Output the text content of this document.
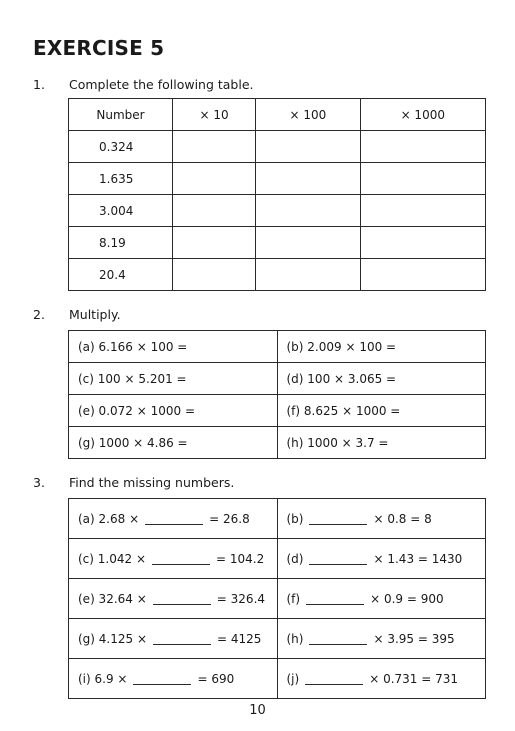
EXERCISE 5
1. Complete the following table.
Number	× 10	× 100	× 1000
0.324			
1.635			
3.004			
8.19			
20.4			
2. Multiply.
(a) 6.166 × 100 =	(b) 2.009 × 100 =
(c) 100 × 5.201 =	(d) 100 × 3.065 =
(e) 0.072 × 1000 =	(f) 8.625 × 1000 =
(g) 1000 × 4.86 =	(h) 1000 × 3.7 =
3. Find the missing numbers.
(a) 2.68 × = 26.8	(b) × 0.8 = 8
(c) 1.042 × = 104.2	(d) × 1.43 = 1430
(e) 32.64 × = 326.4	(f) × 0.9 = 900
(g) 4.125 × = 4125	(h) × 3.95 = 395
(i) 6.9 × = 690	(j) × 0.731 = 731
10
